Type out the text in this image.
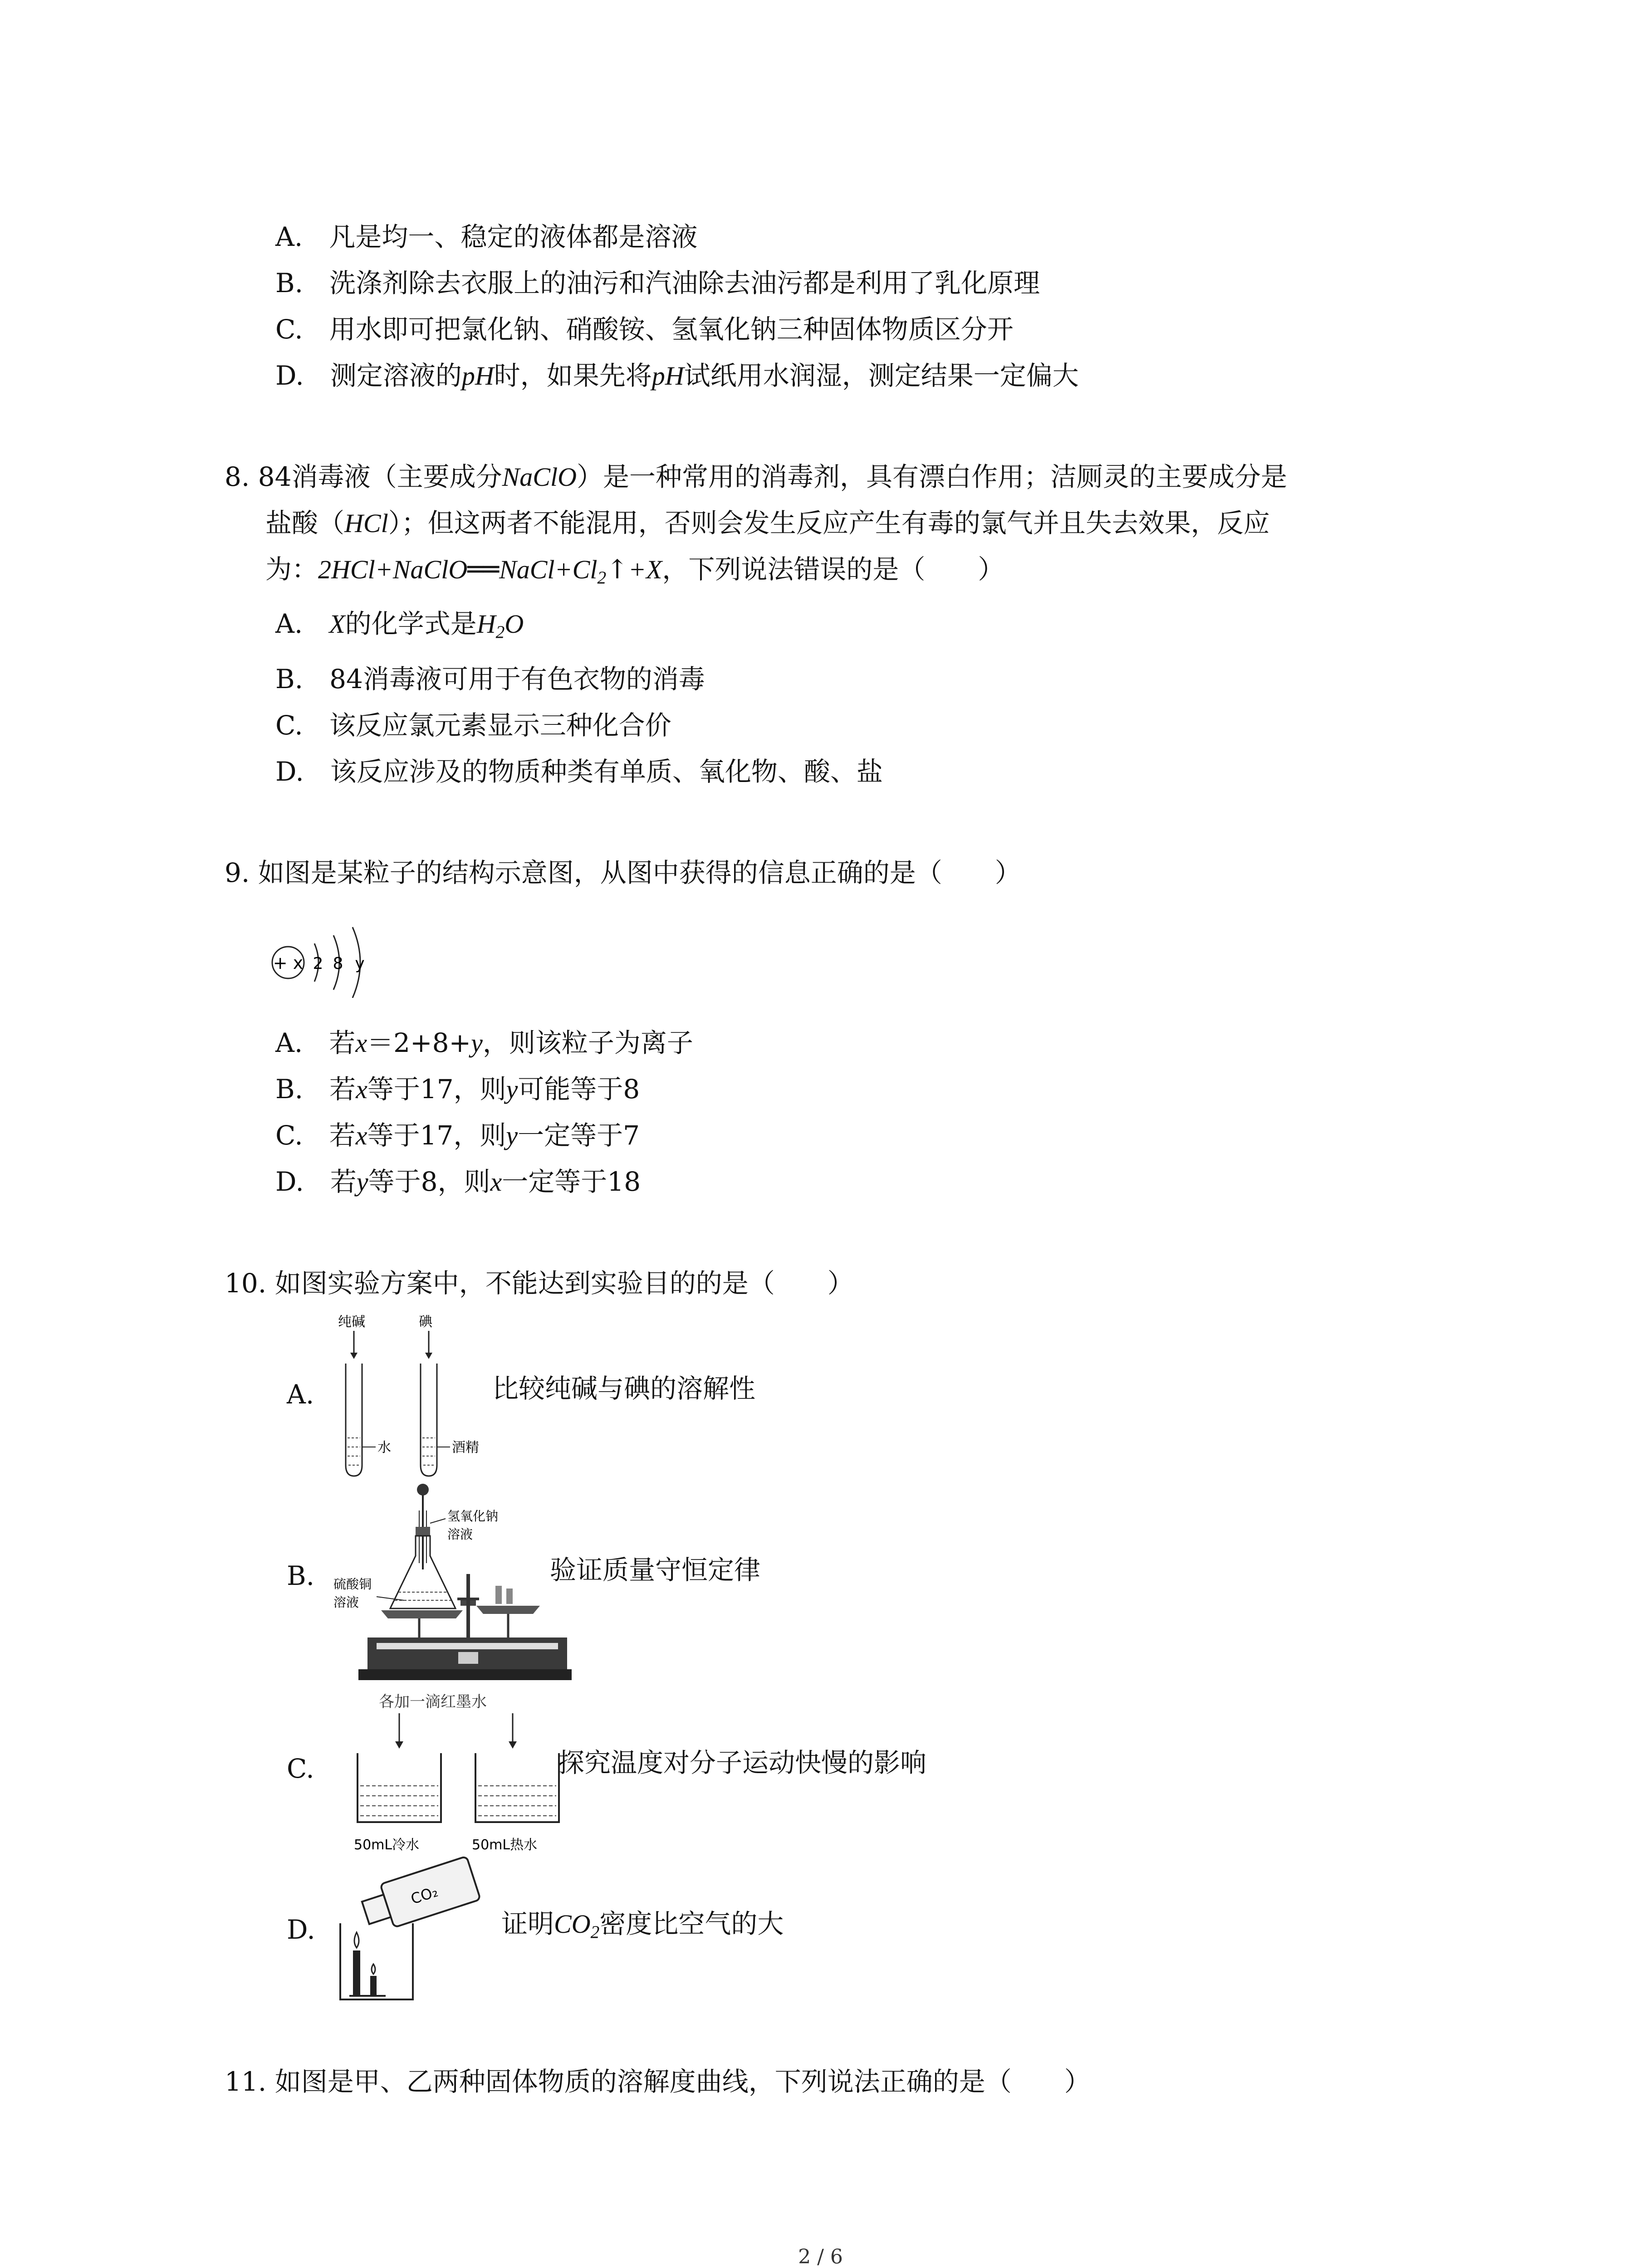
A.  凡是均一、稳定的液体都是溶液
B.  洗涤剂除去衣服上的油污和汽油除去油污都是利用了乳化原理
C.  用水即可把氯化钠、硝酸铵、氢氧化钠三种固体物质区分开
D.  测定溶液的pH时，如果先将pH试纸用水润湿，测定结果一定偏大
8. 84消毒液（主要成分NaClO）是一种常用的消毒剂，具有漂白作用；洁厕灵的主要成分是
盐酸（HCl）；但这两者不能混用，否则会发生反应产生有毒的氯气并且失去效果，反应
为：2HCl+NaClO══NaCl+Cl2↑+X，下列说法错误的是（　　）
A.  X的化学式是H2O
B.  84消毒液可用于有色衣物的消毒
C.  该反应氯元素显示三种化合价
D.  该反应涉及的物质种类有单质、氧化物、酸、盐
9. 如图是某粒子的结构示意图，从图中获得的信息正确的是（　　）
+ x 2 8 y
A.  若x＝2+8+y，则该粒子为离子
B.  若x等于17，则y可能等于8
C.  若x等于17，则y一定等于7
D.  若y等于8，则x一定等于18
10. 如图实验方案中，不能达到实验目的的是（　　）
A.
纯碱	碘
水	酒精
比较纯碱与碘的溶解性
B.
氢氧化钠
溶液
硫酸铜
溶液
验证质量守恒定律
C.
各加一滴红墨水
50mL冷水	50mL热水
探究温度对分子运动快慢的影响
D.
CO₂
证明CO2密度比空气的大
11. 如图是甲、乙两种固体物质的溶解度曲线，下列说法正确的是（　　）
2 / 6
